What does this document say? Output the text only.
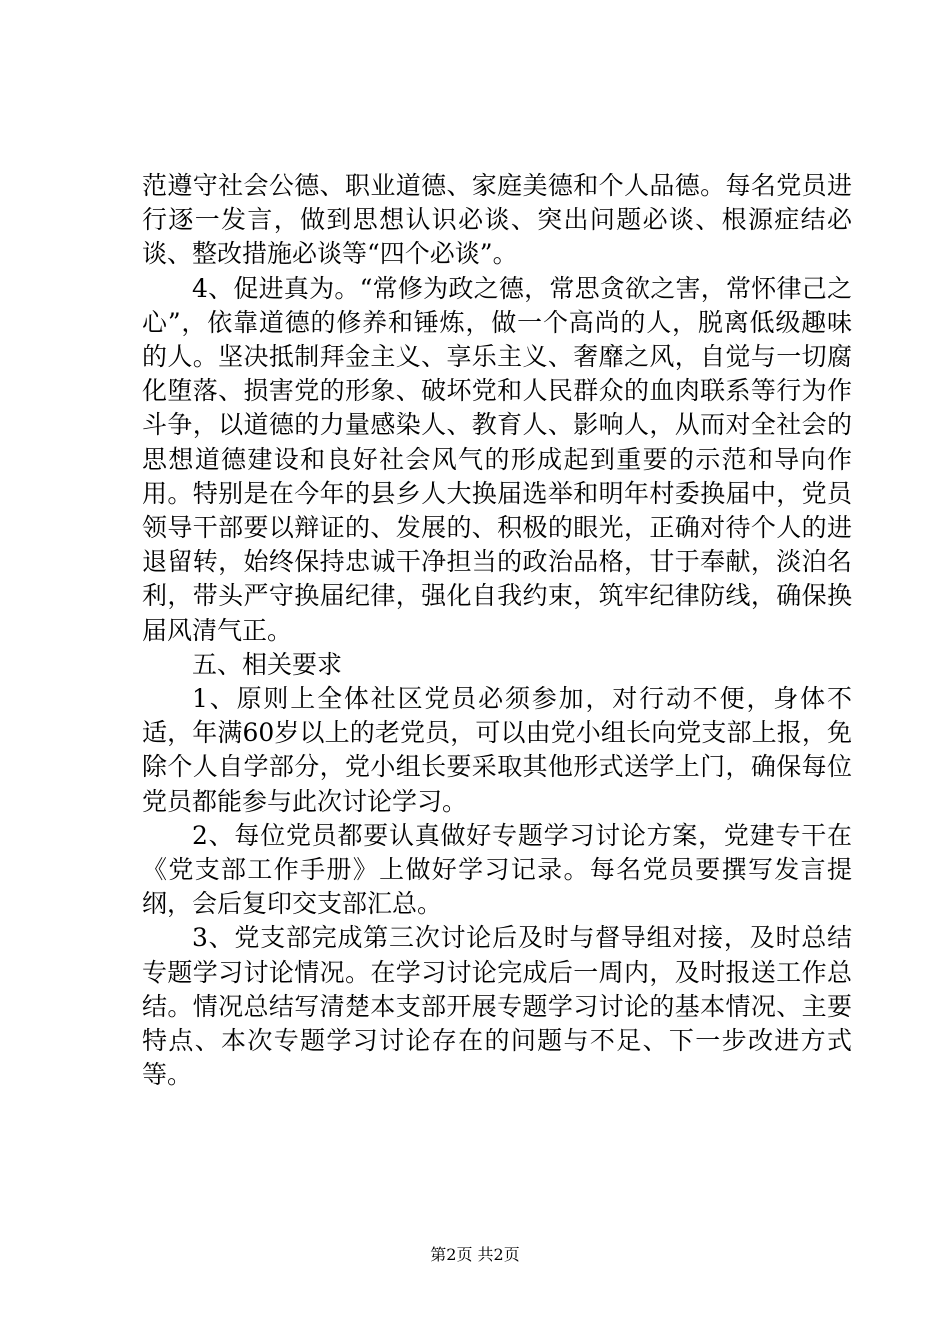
范遵守社会公德、职业道德、家庭美德和个人品德。每名党员进行逐一发言，做到思想认识必谈、突出问题必谈、根源症结必谈、整改措施必谈等“四个必谈”。

4、促进真为。“常修为政之德，常思贪欲之害，常怀律己之心”，依靠道德的修养和锤炼，做一个高尚的人，脱离低级趣味的人。坚决抵制拜金主义、享乐主义、奢靡之风，自觉与一切腐化堕落、损害党的形象、破坏党和人民群众的血肉联系等行为作斗争，以道德的力量感染人、教育人、影响人，从而对全社会的思想道德建设和良好社会风气的形成起到重要的示范和导向作用。特别是在今年的县乡人大换届选举和明年村委换届中，党员领导干部要以辩证的、发展的、积极的眼光，正确对待个人的进退留转，始终保持忠诚干净担当的政治品格，甘于奉献，淡泊名利，带头严守换届纪律，强化自我约束，筑牢纪律防线，确保换届风清气正。

五、相关要求

1、原则上全体社区党员必须参加，对行动不便，身体不适，年满60岁以上的老党员，可以由党小组长向党支部上报，免除个人自学部分，党小组长要采取其他形式送学上门，确保每位党员都能参与此次讨论学习。

2、每位党员都要认真做好专题学习讨论方案，党建专干在《党支部工作手册》上做好学习记录。每名党员要撰写发言提纲，会后复印交支部汇总。

3、党支部完成第三次讨论后及时与督导组对接，及时总结专题学习讨论情况。在学习讨论完成后一周内，及时报送工作总结。情况总结写清楚本支部开展专题学习讨论的基本情况、主要特点、本次专题学习讨论存在的问题与不足、下一步改进方式等。

第2页 共2页
